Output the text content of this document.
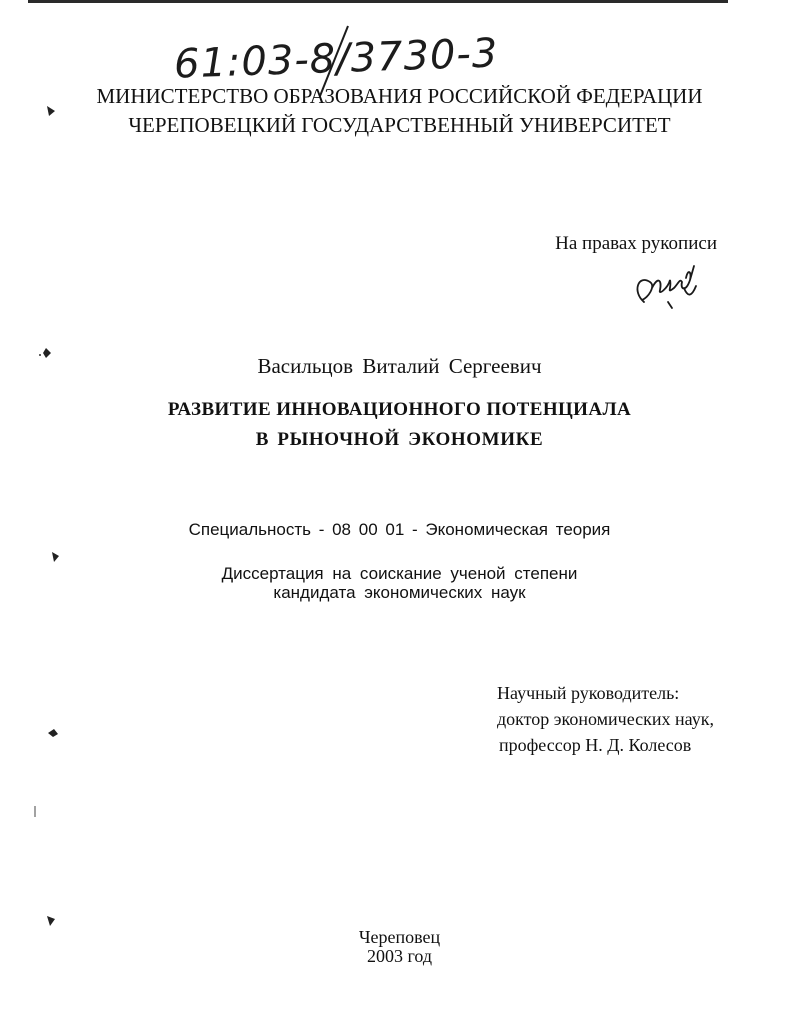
61:03-8/3730-3
МИНИСТЕРСТВО ОБРАЗОВАНИЯ РОССИЙСКОЙ ФЕДЕРАЦИИ
ЧЕРЕПОВЕЦКИЙ ГОСУДАРСТВЕННЫЙ УНИВЕРСИТЕТ
На правах рукописи
Васильцов Виталий Сергеевич
РАЗВИТИЕ ИННОВАЦИОННОГО ПОТЕНЦИАЛА
В РЫНОЧНОЙ ЭКОНОМИКЕ
Специальность - 08 00 01 - Экономическая теория
Диссертация на соискание ученой степени
кандидата экономических наук
Научный руководитель:
доктор экономических наук,
профессор Н. Д. Колесов
Череповец
2003 год
